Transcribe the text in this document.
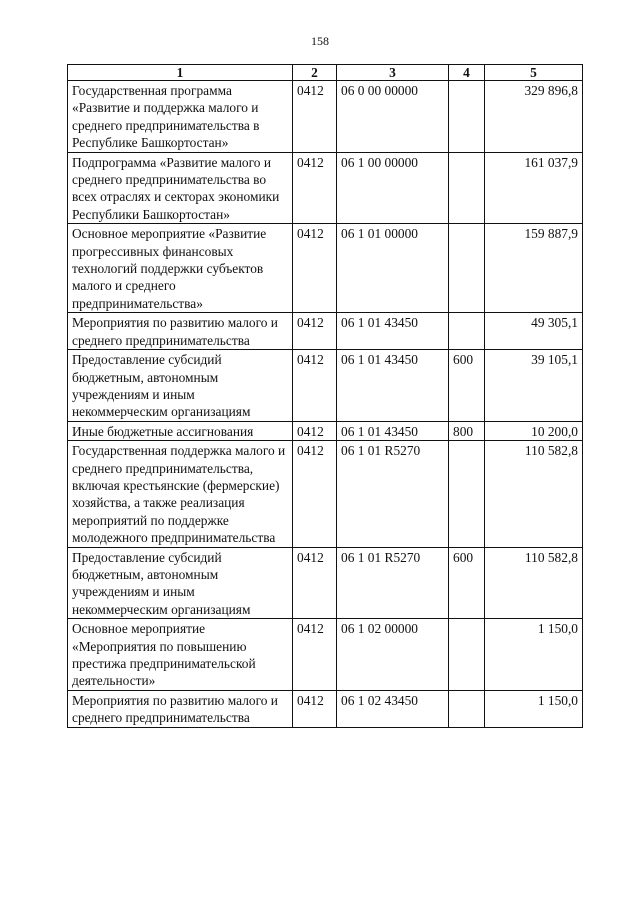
158
1	2	3	4	5
Государственная программа «Развитие и поддержка малого и среднего предпринимательства в Республике Башкортостан»	0412	06 0 00 00000		329 896,8
Подпрограмма «Развитие малого и среднего предпринимательства во всех отраслях и секторах экономики Республики Башкортостан»	0412	06 1 00 00000		161 037,9
Основное мероприятие «Развитие прогрессивных финансовых технологий поддержки субъектов малого и среднего предпринимательства»	0412	06 1 01 00000		159 887,9
Мероприятия по развитию малого и среднего предпринимательства	0412	06 1 01 43450		49 305,1
Предоставление субсидий бюджетным, автономным учреждениям и иным некоммерческим организациям	0412	06 1 01 43450	600	39 105,1
Иные бюджетные ассигнования	0412	06 1 01 43450	800	10 200,0
Государственная поддержка малого и среднего предпринимательства, включая крестьянские (фермерские) хозяйства, а также реализация мероприятий по поддержке молодежного предпринимательства	0412	06 1 01 R5270		110 582,8
Предоставление субсидий бюджетным, автономным учреждениям и иным некоммерческим организациям	0412	06 1 01 R5270	600	110 582,8
Основное мероприятие «Мероприятия по повышению престижа предпринимательской деятельности»	0412	06 1 02 00000		1 150,0
Мероприятия по развитию малого и среднего предпринимательства	0412	06 1 02 43450		1 150,0
